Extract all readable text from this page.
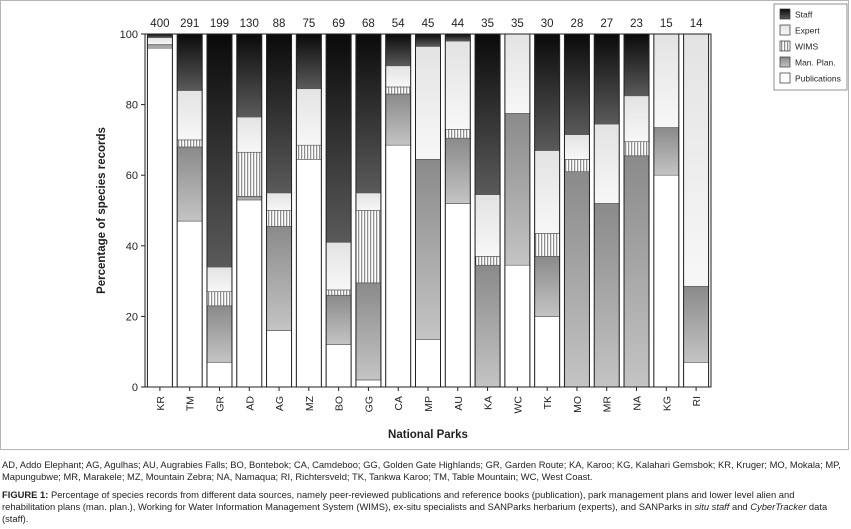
400
KR
291
TM
199
GR
130
AD
88
AG
75
MZ
69
BO
68
GG
54
CA
45
MP
44
AU
35
KA
35
WC
30
TK
28
MO
27
MR
23
NA
15
KG
14
RI
0
20
40
60
80
100
Percentage of species records
National Parks
Staff
Expert
WIMS
Man. Plan.
Publications

AD, Addo Elephant; AG, Agulhas; AU, Augrabies Falls; BO, Bontebok; CA, Camdeboo; GG, Golden Gate Highlands; GR, Garden Route; KA, Karoo; KG, Kalahari Gemsbok; KR, Kruger; MO, Mokala; MP, Mapungubwe; MR, Marakele; MZ, Mountain Zebra; NA, Namaqua; RI, Richtersveld; TK, Tankwa Karoo; TM, Table Mountain; WC, West Coast.

FIGURE 1: Percentage of species records from different data sources, namely peer-reviewed publications and reference books (publication), park management plans and lower level alien and rehabilitation plans (man. plan.), Working for Water Information Management System (WIMS), ex-situ specialists and SANParks herbarium (experts), and SANParks in situ staff and CyberTracker data (staff).
